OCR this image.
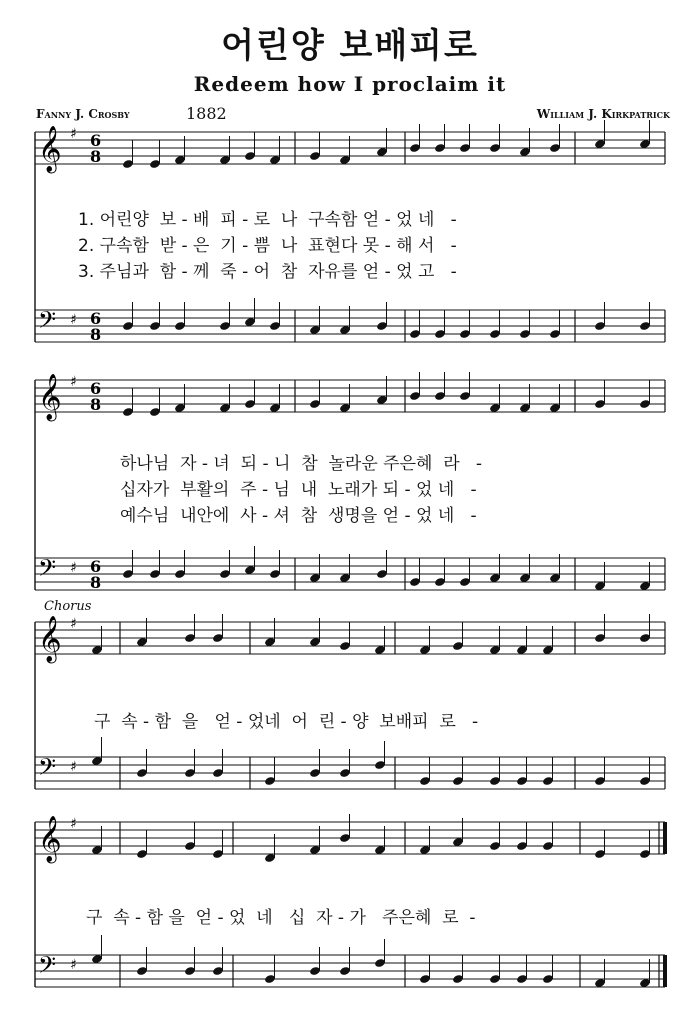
어린양 보배피로
Redeem how I proclaim it
Fanny J. Crosby	1882	William J. Kirkpatrick
𝄞 ♯ 6
8
𝄢 ♯ 6
8
𝄞 ♯ 6
8
𝄢 ♯ 6
8
𝄞 ♯
𝄢 ♯
𝄞 ♯
𝄢 ♯
1. 어린양  보 - 배  피 - 로  나  구속함 얻 - 었 네   -
2. 구속함  받 - 은  기 - 쁨  나  표현다 못 - 해 서   -
3. 주님과  함 - 께  죽 - 어  참  자유를 얻 - 었 고   -
하나님  자 - 녀  되 - 니  참  놀라운 주은혜  라   -
십자가  부활의  주 - 님  내  노래가 되 - 었 네   -
예수님  내안에  사 - 셔  참  생명을 얻 - 었 네   -
Chorus
구  속 - 함  을   얻 - 었네  어  린 - 양  보배피  로   -
구  속 - 함 을  얻 - 었  네   십  자 - 가   주은혜  로  -
